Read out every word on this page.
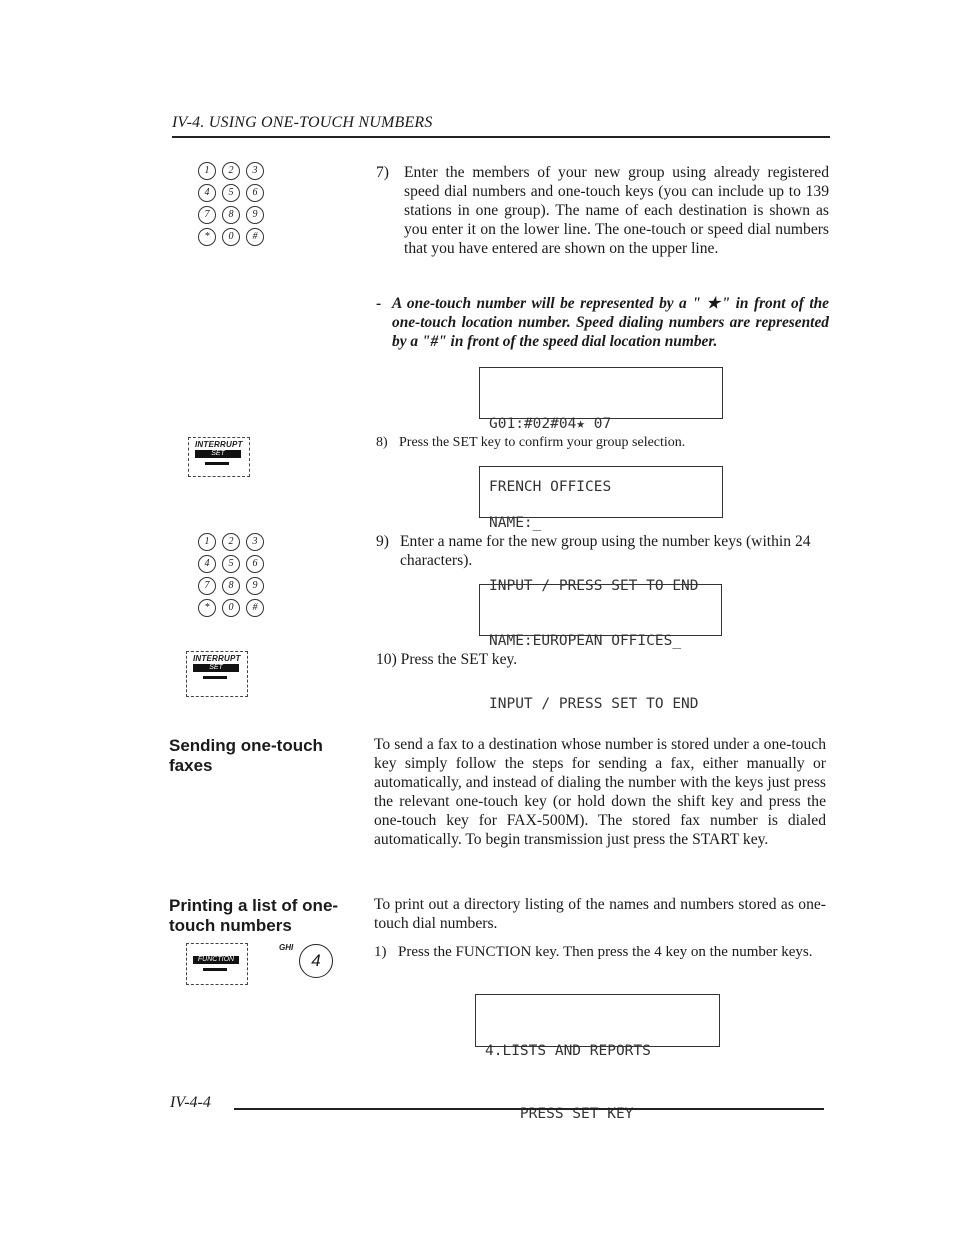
IV-4. USING ONE-TOUCH NUMBERS
1	2	3
4	5	6
7	8	9
*	0	#
7) Enter the members of your new group using already registered speed dial numbers and one-touch keys (you can include up to 139 stations in one group). The name of each destination is shown as you enter it on the lower line. The one-touch or speed dial numbers that you have entered are shown on the upper line.
- A one-touch number will be represented by a " ★" in front of the one-touch location number. Speed dialing numbers are represented by a "#" in front of the speed dial location number.

G01:#02#04★ 07

FRENCH OFFICES

INTERRUPT
SET
8) Press the SET key to confirm your group selection.

NAME:_

INPUT / PRESS SET TO END

1	2	3
4	5	6
7	8	9
*	0	#
9) Enter a name for the new group using the number keys (within 24 characters).

NAME:EUROPEAN OFFICES_

INPUT / PRESS SET TO END

INTERRUPT
SET	10) Press the SET key.
Sending one-touch faxes
To send a fax to a destination whose number is stored under a one-touch key simply follow the steps for sending a fax, either manually or automatically, and instead of dialing the number with the keys just press the relevant one-touch key (or hold down the shift key and press the one-touch key for FAX-500M). The stored fax number is dialed automatically. To begin transmission just press the START key.
Printing a list of one-touch numbers
To print out a directory listing of the names and numbers stored as one-touch dial numbers.
FUNCTION
GHI
4	1) Press the FUNCTION key. Then press the 4 key on the number keys.

4.LISTS AND REPORTS

PRESS SET KEY

IV-4-4
